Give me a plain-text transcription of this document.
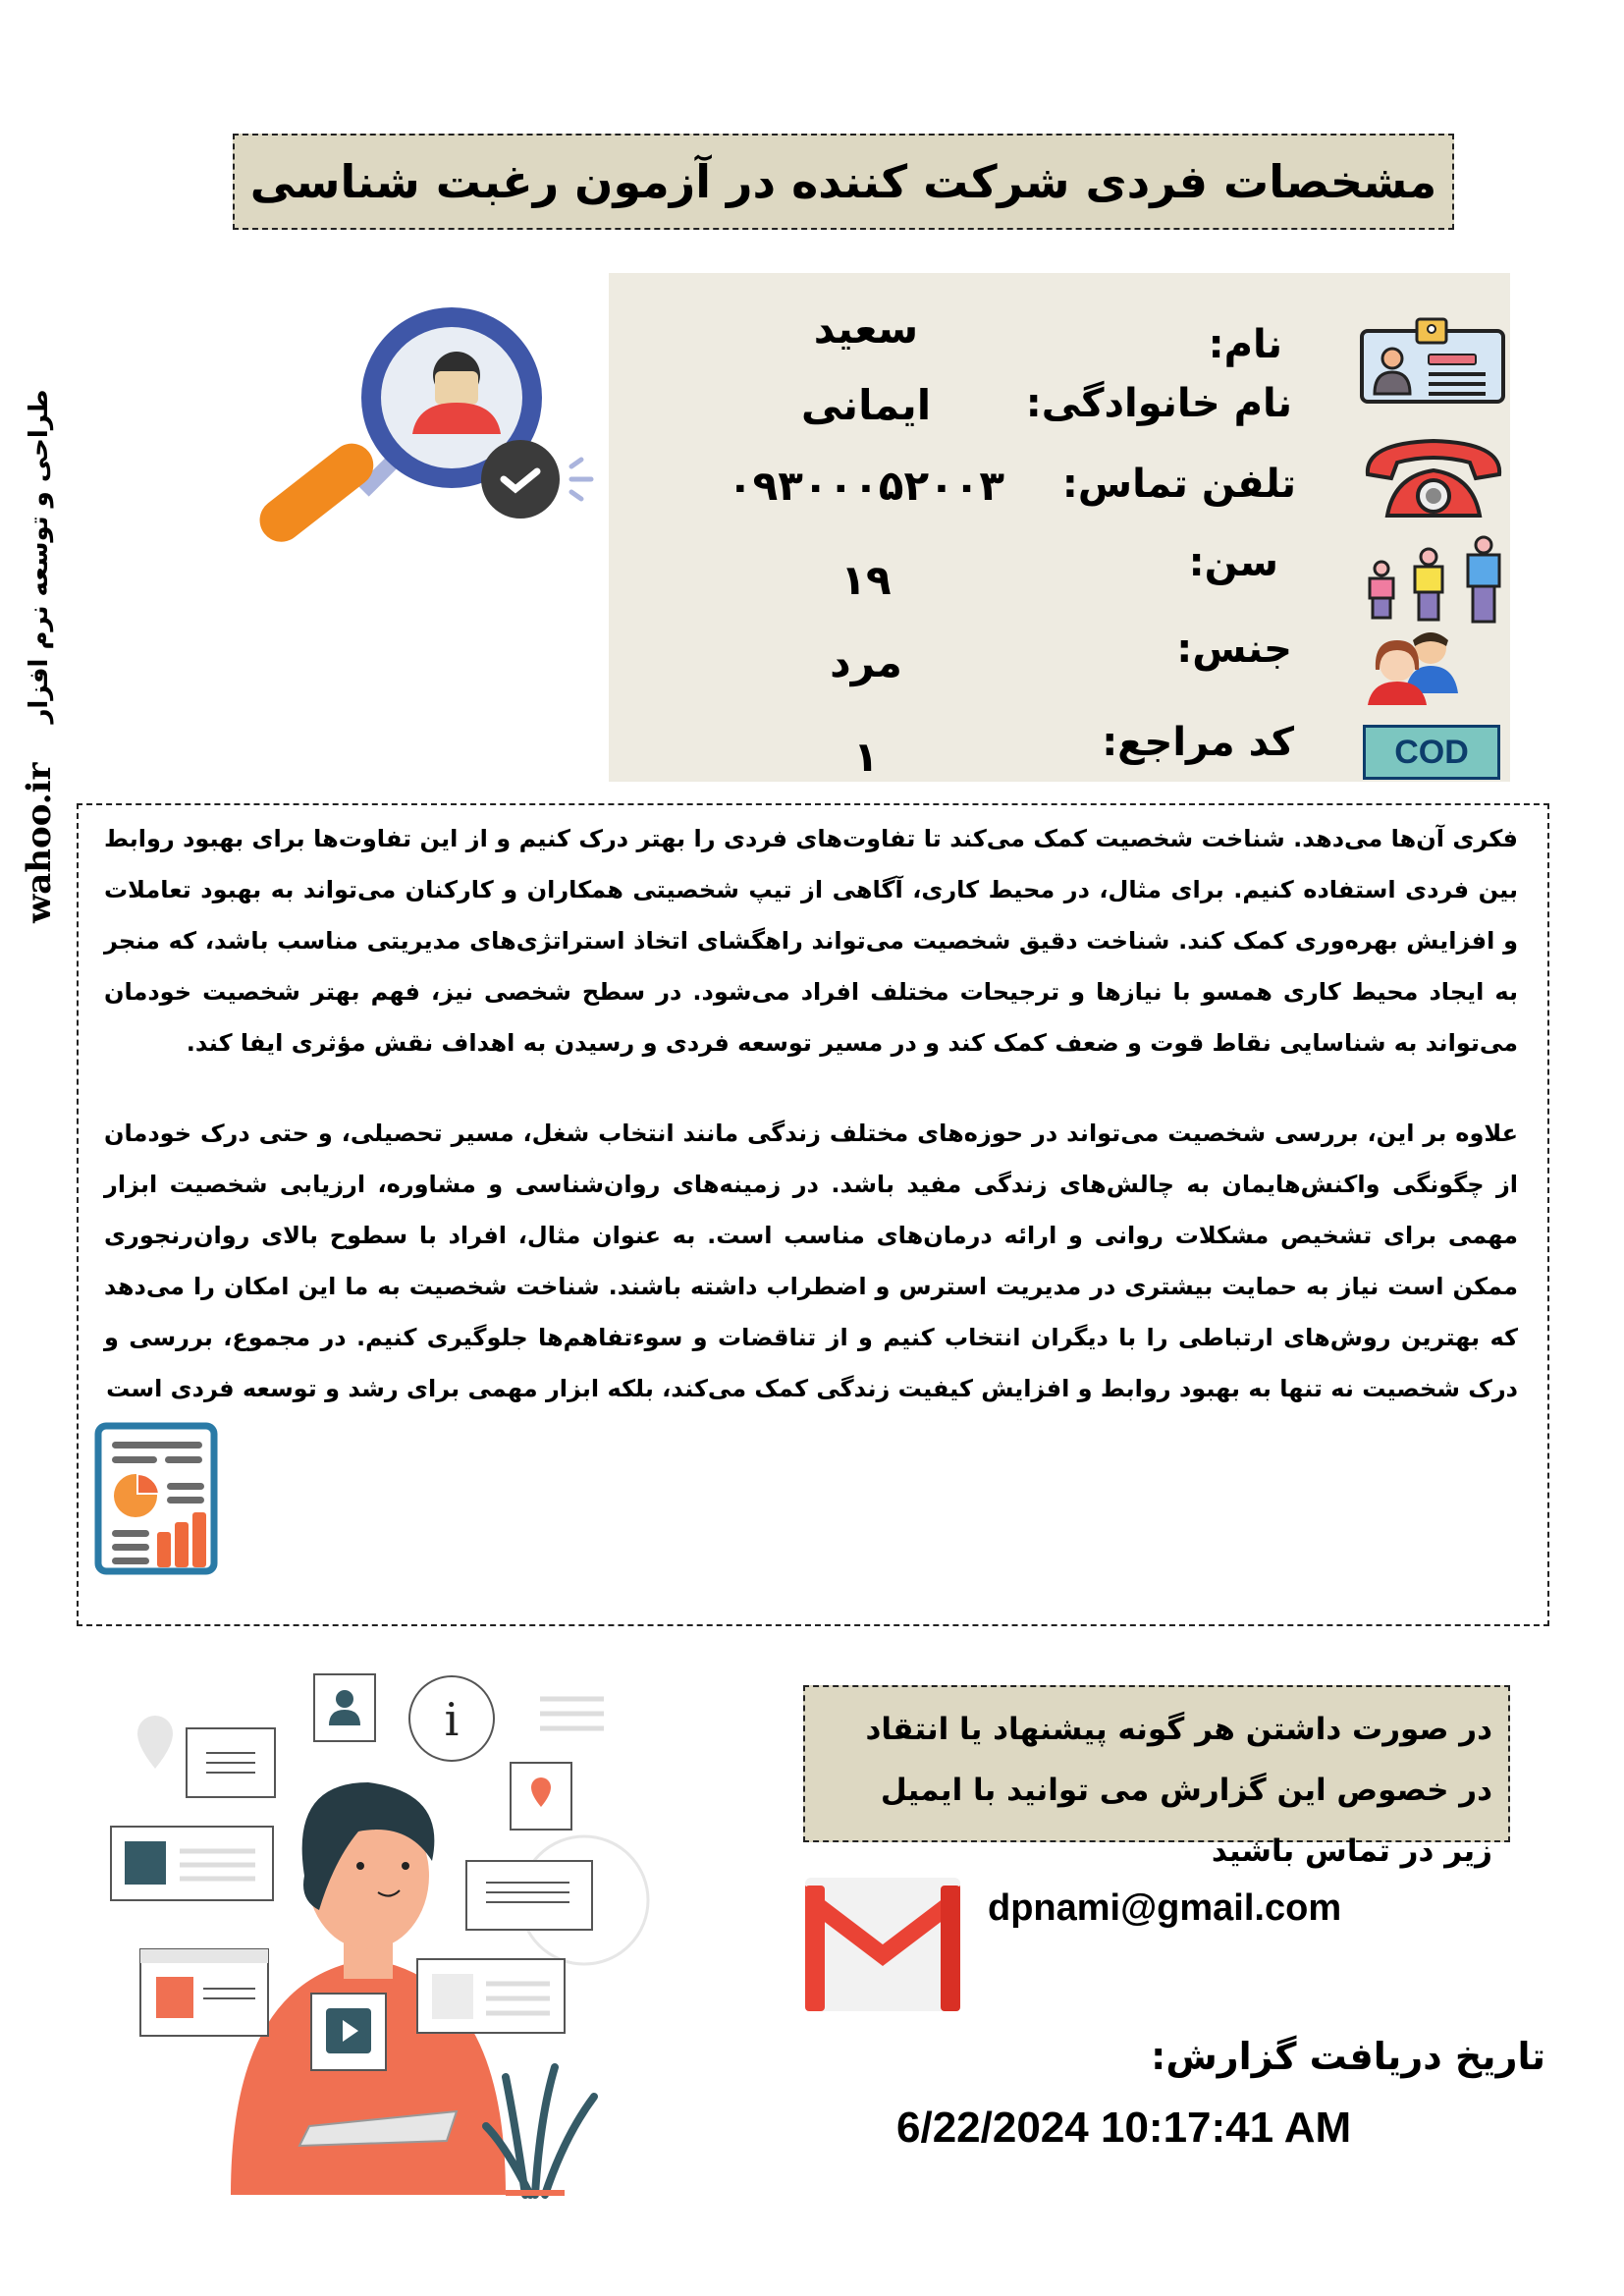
مشخصات فردی شرکت کننده در آزمون رغبت شناسی
wahoo.ir
طراحی و توسعه نرم افزار
COD
نام:
نام خانوادگی:
تلفن تماس:
سن:
جنس:
کد مراجع:
سعید
ایمانی
۰۹۳۰۰۰۵۲۰۰۳
۱۹
مرد
۱

فکری آن‌ها می‌دهد. شناخت شخصیت کمک می‌کند تا تفاوت‌های فردی را بهتر درک کنیم و از این تفاوت‌ها برای بهبود روابط بین فردی استفاده کنیم. برای مثال، در محیط کاری، آگاهی از تیپ شخصیتی همکاران و کارکنان می‌تواند به بهبود تعاملات و افزایش بهره‌وری کمک کند. شناخت دقیق شخصیت می‌تواند راهگشای اتخاذ استراتژی‌های مدیریتی مناسب باشد، که منجر به ایجاد محیط کاری همسو با نیازها و ترجیحات مختلف افراد می‌شود. در سطح شخصی نیز، فهم بهتر شخصیت خودمان می‌تواند به شناسایی نقاط قوت و ضعف کمک کند و در مسیر توسعه فردی و رسیدن به اهداف نقش مؤثری ایفا کند.

علاوه بر این، بررسی شخصیت می‌تواند در حوزه‌های مختلف زندگی مانند انتخاب شغل، مسیر تحصیلی، و حتی درک خودمان از چگونگی واکنش‌هایمان به چالش‌های زندگی مفید باشد. در زمینه‌های روان‌شناسی و مشاوره، ارزیابی شخصیت ابزار مهمی برای تشخیص مشکلات روانی و ارائه درمان‌های مناسب است. به عنوان مثال، افراد با سطوح بالای روان‌رنجوری ممکن است نیاز به حمایت بیشتری در مدیریت استرس و اضطراب داشته باشند. شناخت شخصیت به ما این امکان را می‌دهد که بهترین روش‌های ارتباطی را با دیگران انتخاب کنیم و از تناقضات و سوءتفاهم‌ها جلوگیری کنیم. در مجموع، بررسی و درک شخصیت نه تنها به بهبود روابط و افزایش کیفیت زندگی کمک می‌کند، بلکه ابزار مهمی برای رشد و توسعه فردی است

i	در صورت داشتن هر گونه پیشنهاد یا انتقاد در خصوص این گزارش می توانید با ایمیل زیر در تماس باشید
dpnami@gmail.com
تاریخ دریافت گزارش:
6/22/2024 10:17:41 AM
